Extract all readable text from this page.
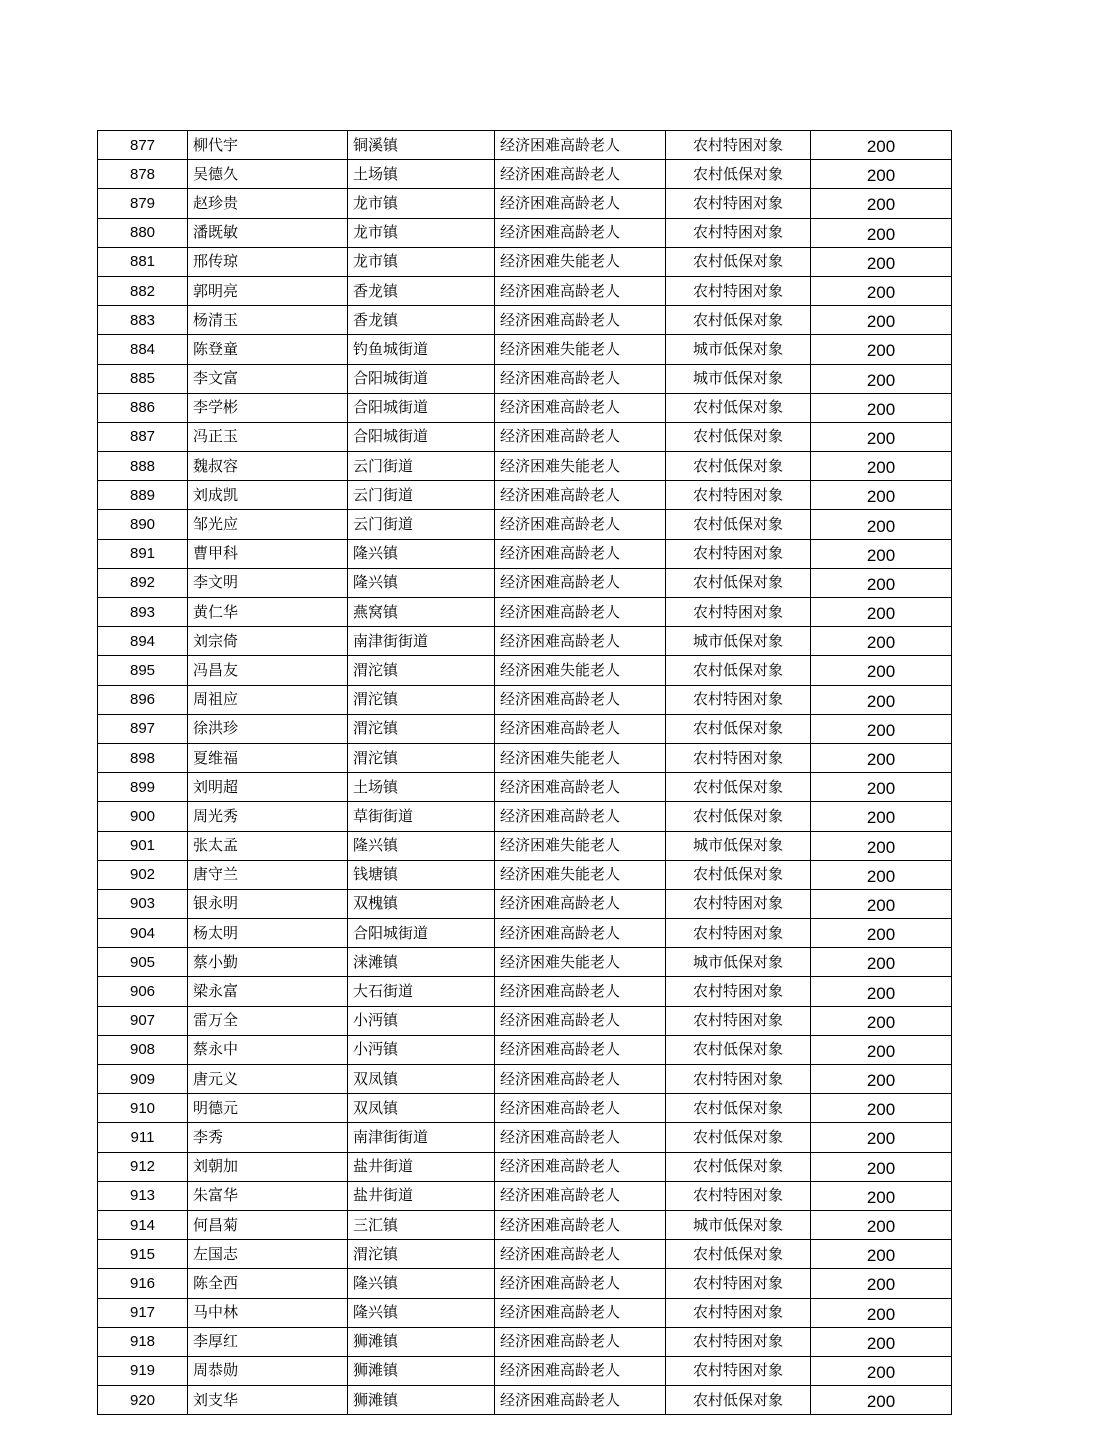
877	柳代宇	铜溪镇	经济困难高龄老人	农村特困对象	200
878	吴德久	土场镇	经济困难高龄老人	农村低保对象	200
879	赵珍贵	龙市镇	经济困难高龄老人	农村特困对象	200
880	潘既敏	龙市镇	经济困难高龄老人	农村特困对象	200
881	邢传琼	龙市镇	经济困难失能老人	农村低保对象	200
882	郭明亮	香龙镇	经济困难高龄老人	农村特困对象	200
883	杨清玉	香龙镇	经济困难高龄老人	农村低保对象	200
884	陈登童	钓鱼城街道	经济困难失能老人	城市低保对象	200
885	李文富	合阳城街道	经济困难高龄老人	城市低保对象	200
886	李学彬	合阳城街道	经济困难高龄老人	农村低保对象	200
887	冯正玉	合阳城街道	经济困难高龄老人	农村低保对象	200
888	魏叔容	云门街道	经济困难失能老人	农村低保对象	200
889	刘成凯	云门街道	经济困难高龄老人	农村特困对象	200
890	邹光应	云门街道	经济困难高龄老人	农村低保对象	200
891	曹甲科	隆兴镇	经济困难高龄老人	农村特困对象	200
892	李文明	隆兴镇	经济困难高龄老人	农村低保对象	200
893	黄仁华	燕窝镇	经济困难高龄老人	农村特困对象	200
894	刘宗倚	南津街街道	经济困难高龄老人	城市低保对象	200
895	冯昌友	渭沱镇	经济困难失能老人	农村低保对象	200
896	周祖应	渭沱镇	经济困难高龄老人	农村特困对象	200
897	徐洪珍	渭沱镇	经济困难高龄老人	农村低保对象	200
898	夏维福	渭沱镇	经济困难失能老人	农村特困对象	200
899	刘明超	土场镇	经济困难高龄老人	农村低保对象	200
900	周光秀	草街街道	经济困难高龄老人	农村低保对象	200
901	张太孟	隆兴镇	经济困难失能老人	城市低保对象	200
902	唐守兰	钱塘镇	经济困难失能老人	农村低保对象	200
903	银永明	双槐镇	经济困难高龄老人	农村特困对象	200
904	杨太明	合阳城街道	经济困难高龄老人	农村特困对象	200
905	蔡小勤	涞滩镇	经济困难失能老人	城市低保对象	200
906	梁永富	大石街道	经济困难高龄老人	农村特困对象	200
907	雷万全	小沔镇	经济困难高龄老人	农村特困对象	200
908	蔡永中	小沔镇	经济困难高龄老人	农村低保对象	200
909	唐元义	双凤镇	经济困难高龄老人	农村特困对象	200
910	明德元	双凤镇	经济困难高龄老人	农村低保对象	200
911	李秀	南津街街道	经济困难高龄老人	农村低保对象	200
912	刘朝加	盐井街道	经济困难高龄老人	农村低保对象	200
913	朱富华	盐井街道	经济困难高龄老人	农村特困对象	200
914	何昌菊	三汇镇	经济困难高龄老人	城市低保对象	200
915	左国志	渭沱镇	经济困难高龄老人	农村低保对象	200
916	陈全西	隆兴镇	经济困难高龄老人	农村特困对象	200
917	马中林	隆兴镇	经济困难高龄老人	农村特困对象	200
918	李厚红	狮滩镇	经济困难高龄老人	农村特困对象	200
919	周恭勋	狮滩镇	经济困难高龄老人	农村特困对象	200
920	刘支华	狮滩镇	经济困难高龄老人	农村低保对象	200
